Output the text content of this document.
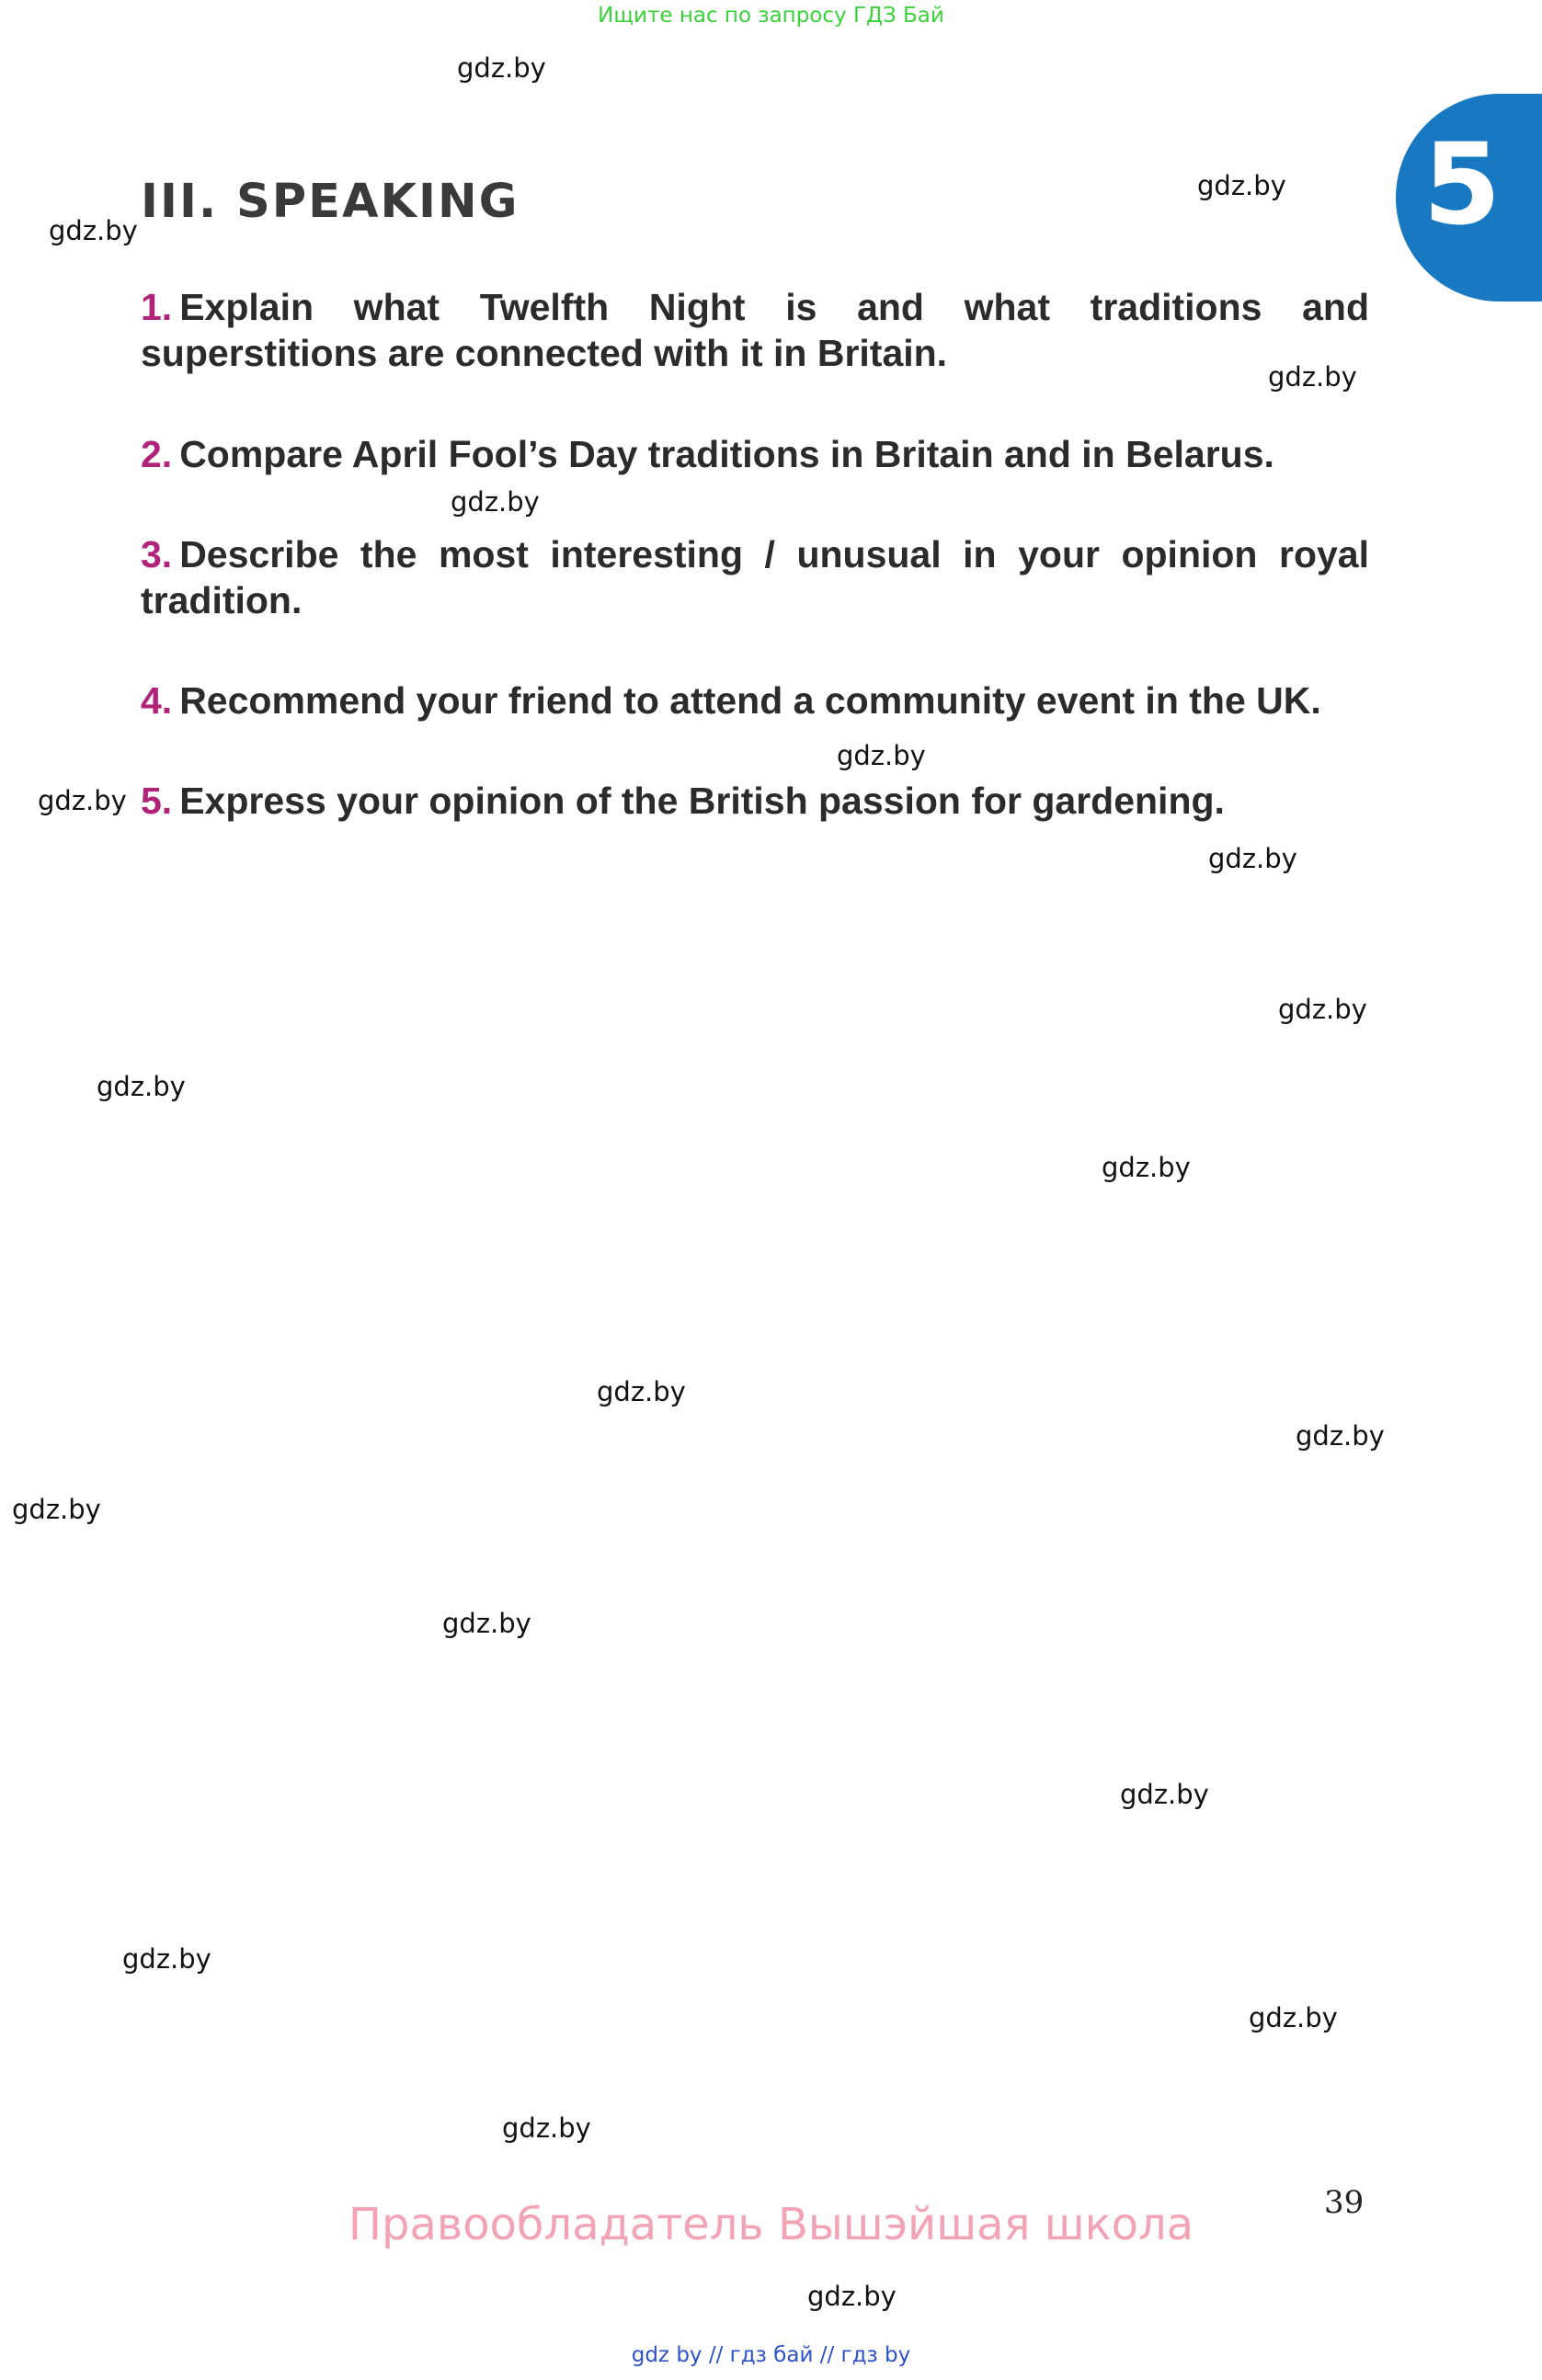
Ищите нас по запросу ГДЗ Бай
5
III. SPEAKING
1. Explain what Twelfth Night is and what traditions and superstitions are connected with it in Britain.
2. Compare April Fool’s Day traditions in Britain and in Belarus.
3. Describe the most interesting / unusual in your opinion royal tradition.
4. Recommend your friend to attend a community event in the UK.
5. Express your opinion of the British passion for gardening.
gdz.by
gdz.by
gdz.by
gdz.by
gdz.by
gdz.by
gdz.by
gdz.by
gdz.by
gdz.by
gdz.by
gdz.by
gdz.by
gdz.by
gdz.by
gdz.by
gdz.by
gdz.by
gdz.by
gdz.by
39
Правообладатель Вышэйшая школа
gdz by // гдз бай // гдз by
